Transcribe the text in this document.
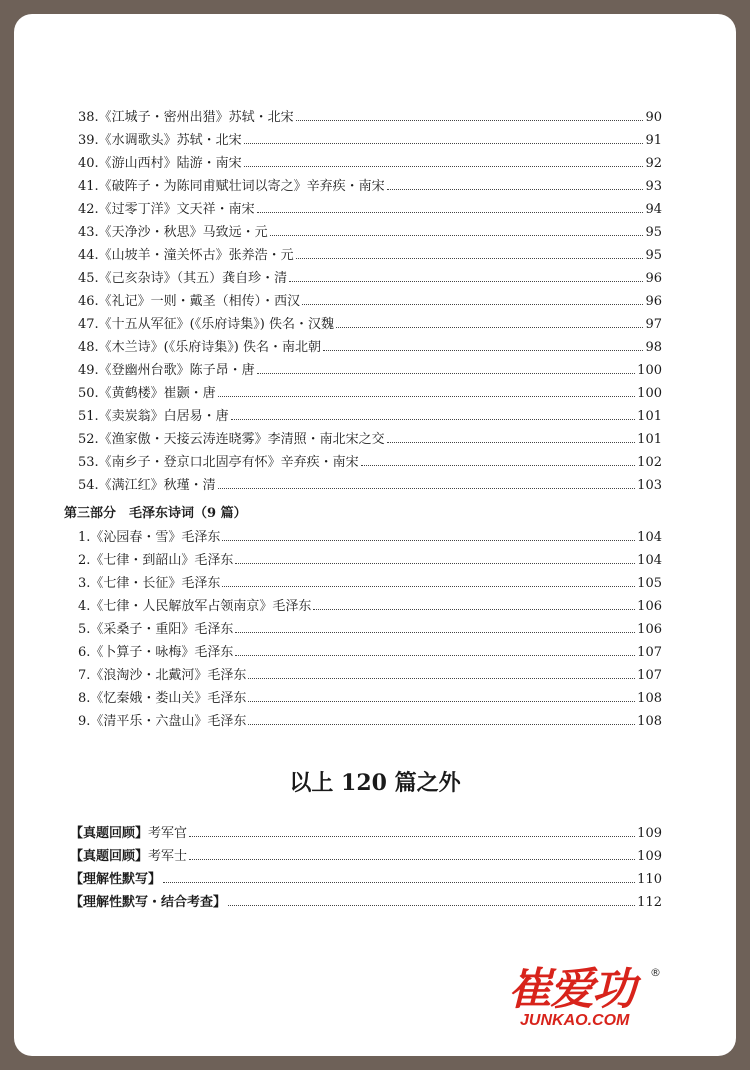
38.《江城子・密州出猎》苏轼・北宋	90
39.《水调歌头》苏轼・北宋	91
40.《游山西村》陆游・南宋	92
41.《破阵子・为陈同甫赋壮词以寄之》辛弃疾・南宋	93
42.《过零丁洋》文天祥・南宋	94
43.《天净沙・秋思》马致远・元	95
44.《山坡羊・潼关怀古》张养浩・元	95
45.《己亥杂诗》（其五）龚自珍・清	96
46.《礼记》一则・戴圣（相传）・西汉	96
47.《十五从军征》(《乐府诗集》) 佚名・汉魏	97
48.《木兰诗》(《乐府诗集》) 佚名・南北朝	98
49.《登幽州台歌》陈子昂・唐	100
50.《黄鹤楼》崔颢・唐	100
51.《卖炭翁》白居易・唐	101
52.《渔家傲・天接云涛连晓雾》李清照・南北宋之交	101
53.《南乡子・登京口北固亭有怀》辛弃疾・南宋	102
54.《满江红》秋瑾・清	103
第三部分　毛泽东诗词（9 篇）
1.《沁园春・雪》毛泽东	104
2.《七律・到韶山》毛泽东	104
3.《七律・长征》毛泽东	105
4.《七律・人民解放军占领南京》毛泽东	106
5.《采桑子・重阳》毛泽东	106
6.《卜算子・咏梅》毛泽东	107
7.《浪淘沙・北戴河》毛泽东	107
8.《忆秦娥・娄山关》毛泽东	108
9.《清平乐・六盘山》毛泽东	108
以上 120 篇之外
【真题回顾】考军官	109
【真题回顾】考军士	109
【理解性默写】	110
【理解性默写・结合考查】	112
崔爱功
JUNKAO.COM
®
